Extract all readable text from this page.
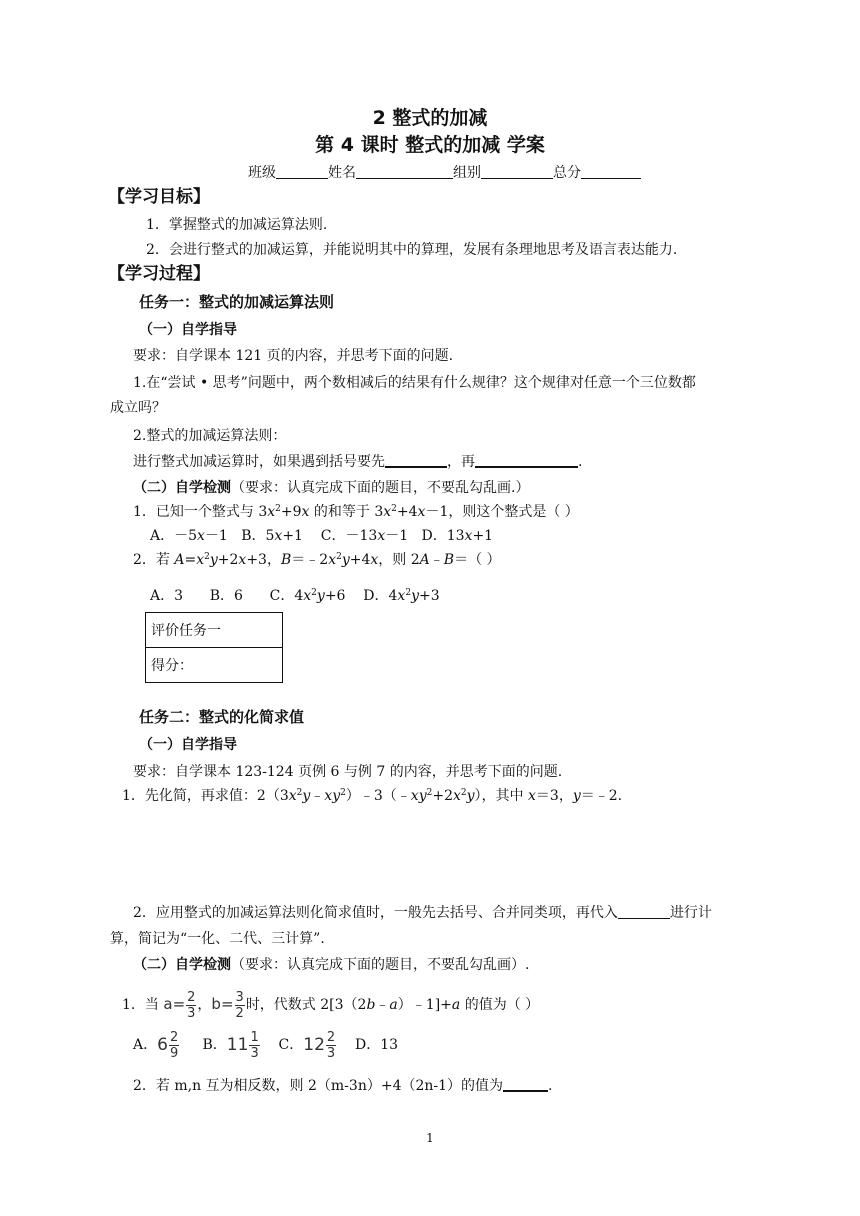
2 整式的加减
第 4 课时 整式的加减 学案
班级	姓名	组别	总分
【学习目标】
1．掌握整式的加减运算法则.
2．会进行整式的加减运算，并能说明其中的算理，发展有条理地思考及语言表达能力.
【学习过程】
任务一：整式的加减运算法则
（一）自学指导
要求：自学课本 121 页的内容，并思考下面的问题.
1.在“尝试 • 思考”问题中，两个数相减后的结果有什么规律？这个规律对任意一个三位数都
成立吗？
2.整式的加减运算法则：
进行整式加减运算时，如果遇到括号要先	，再	.
（二）自学检测（要求：认真完成下面的题目，不要乱勾乱画.）
1．已知一个整式与 $3x^2+9x$ 的和等于 $3x^2+4x-1$，则这个整式是（ ）
A．－5x－1 B．5x+1 C．－13x－1 D．13x+1
2．若 $A=x^2y+2x+3$，$B=﹣2x^2y+4x$，则 2A﹣B＝（ ）
A．3 B．6 C．$4x^2y+6$ D．$4x^2y+3$
评价任务一
得分：
任务二：整式的化简求值
（一）自学指导
要求：自学课本 123-124 页例 6 与例 7 的内容，并思考下面的问题.
1．先化简，再求值：$2(3x^2y﹣xy^2)﹣3(﹣xy^2+2x^2y)$，其中 x＝3，y＝﹣2.
2．应用整式的加减运算法则化简求值时，一般先去括号、合并同类项，再代入	进行计
算，简记为“一化、二代、三计算”.
（二）自学检测（要求：认真完成下面的题目，不要乱勾乱画）.
1．当 $a= \frac{2}{3}$ ，$b= \frac{3}{2}$ 时，代数式 2[3（2b﹣a）﹣1]+a 的值为（ ）
A．$6 \frac{2}{9}$ B．$11 \frac{1}{3}$ C．$12 \frac{2}{3}$ D．13
2．若 m,n 互为相反数，则 2（m-3n）+4（2n-1）的值为	.
1
